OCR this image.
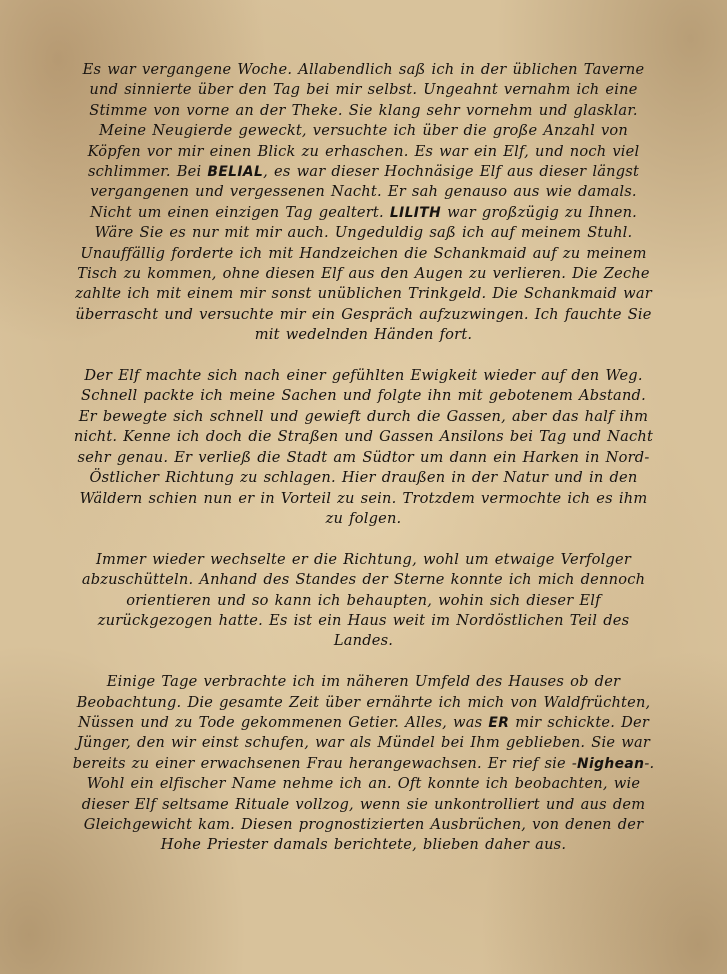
Es war vergangene Woche. Allabendlich saß ich in der üblichen Taverne und sinnierte über den Tag bei mir selbst. Ungeahnt vernahm ich eine Stimme von vorne an der Theke. Sie klang sehr vornehm und glasklar. Meine Neugierde geweckt, versuchte ich über die große Anzahl von Köpfen vor mir einen Blick zu erhaschen. Es war ein Elf, und noch viel schlimmer. Bei BELIAL, es war dieser Hochnäsige Elf aus dieser längst vergangenen und vergessenen Nacht. Er sah genauso aus wie damals. Nicht um einen einzigen Tag gealtert. LILITH war großzügig zu Ihnen. Wäre Sie es nur mit mir auch. Ungeduldig saß ich auf meinem Stuhl. Unauffällig forderte ich mit Handzeichen die Schankmaid auf zu meinem Tisch zu kommen, ohne diesen Elf aus den Augen zu verlieren. Die Zeche zahlte ich mit einem mir sonst unüblichen Trinkgeld. Die Schankmaid war überrascht und versuchte mir ein Gespräch aufzuzwingen. Ich fauchte Sie mit wedelnden Händen fort.

Der Elf machte sich nach einer gefühlten Ewigkeit wieder auf den Weg. Schnell packte ich meine Sachen und folgte ihn mit gebotenem Abstand. Er bewegte sich schnell und gewieft durch die Gassen, aber das half ihm nicht. Kenne ich doch die Straßen und Gassen Ansilons bei Tag und Nacht sehr genau. Er verließ die Stadt am Südtor um dann ein Harken in Nord-Östlicher Richtung zu schlagen. Hier draußen in der Natur und in den Wäldern schien nun er in Vorteil zu sein. Trotzdem vermochte ich es ihm zu folgen.

Immer wieder wechselte er die Richtung, wohl um etwaige Verfolger abzuschütteln. Anhand des Standes der Sterne konnte ich mich dennoch orientieren und so kann ich behaupten, wohin sich dieser Elf zurückgezogen hatte. Es ist ein Haus weit im Nordöstlichen Teil des Landes.

Einige Tage verbrachte ich im näheren Umfeld des Hauses ob der Beobachtung. Die gesamte Zeit über ernährte ich mich von Waldfrüchten, Nüssen und zu Tode gekommenen Getier. Alles, was ER mir schickte. Der Jünger, den wir einst schufen, war als Mündel bei Ihm geblieben. Sie war bereits zu einer erwachsenen Frau herangewachsen. Er rief sie -Nighean-. Wohl ein elfischer Name nehme ich an. Oft konnte ich beobachten, wie dieser Elf seltsame Rituale vollzog, wenn sie unkontrolliert und aus dem Gleichgewicht kam. Diesen prognostizierten Ausbrüchen, von denen der Hohe Priester damals berichtete, blieben daher aus.
